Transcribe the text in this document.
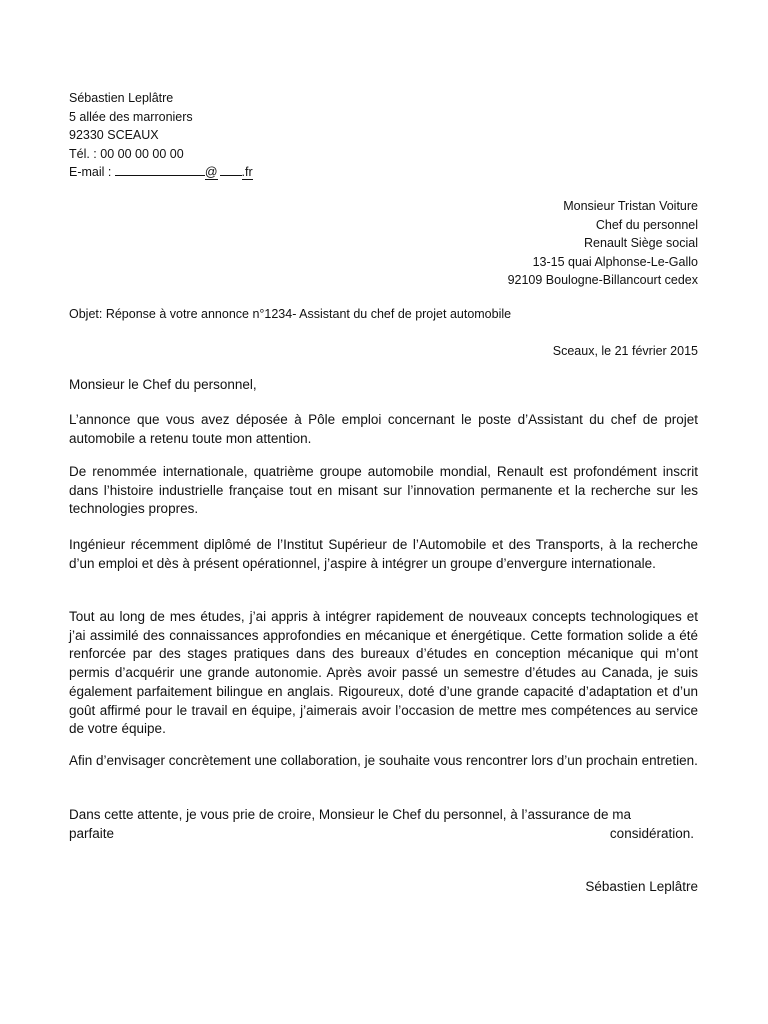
Sébastien Leplâtre
5 allée des marroniers
92330 SCEAUX
Tél. : 00 00 00 00 00
E-mail :	@ .fr
Monsieur Tristan Voiture
Chef du personnel
Renault Siège social
13-15 quai Alphonse-Le-Gallo
92109 Boulogne-Billancourt cedex
Objet: Réponse à votre annonce n°1234- Assistant du chef de projet automobile
Sceaux, le 21 février 2015
Monsieur le Chef du personnel,
L’annonce que vous avez déposée à Pôle emploi concernant le poste d’Assistant du chef de projet automobile a retenu toute mon attention.
De renommée internationale, quatrième groupe automobile mondial, Renault est profondément inscrit dans l’histoire industrielle française tout en misant sur l’innovation permanente et la recherche sur les technologies propres.
Ingénieur récemment diplômé de l’Institut Supérieur de l’Automobile et des Transports, à la recherche d’un emploi et dès à présent opérationnel, j’aspire à intégrer un groupe d’envergure internationale.
Tout au long de mes études, j’ai appris à intégrer rapidement de nouveaux concepts technologiques et j’ai assimilé des connaissances approfondies en mécanique et énergétique. Cette formation solide a été renforcée par des stages pratiques dans des bureaux d’études en conception mécanique qui m’ont permis d’acquérir une grande autonomie. Après avoir passé un semestre d’études au Canada, je suis également parfaitement bilingue en anglais. Rigoureux, doté d’une grande capacité d’adaptation et d’un goût affirmé pour le travail en équipe, j’aimerais avoir l’occasion de mettre mes compétences au service de votre équipe.
Afin d’envisager concrètement une collaboration, je souhaite vous rencontrer lors d’un prochain entretien.
Dans cette attente, je vous prie de croire, Monsieur le Chef du personnel, à l’assurance de ma
parfaite considération.
Sébastien Leplâtre
